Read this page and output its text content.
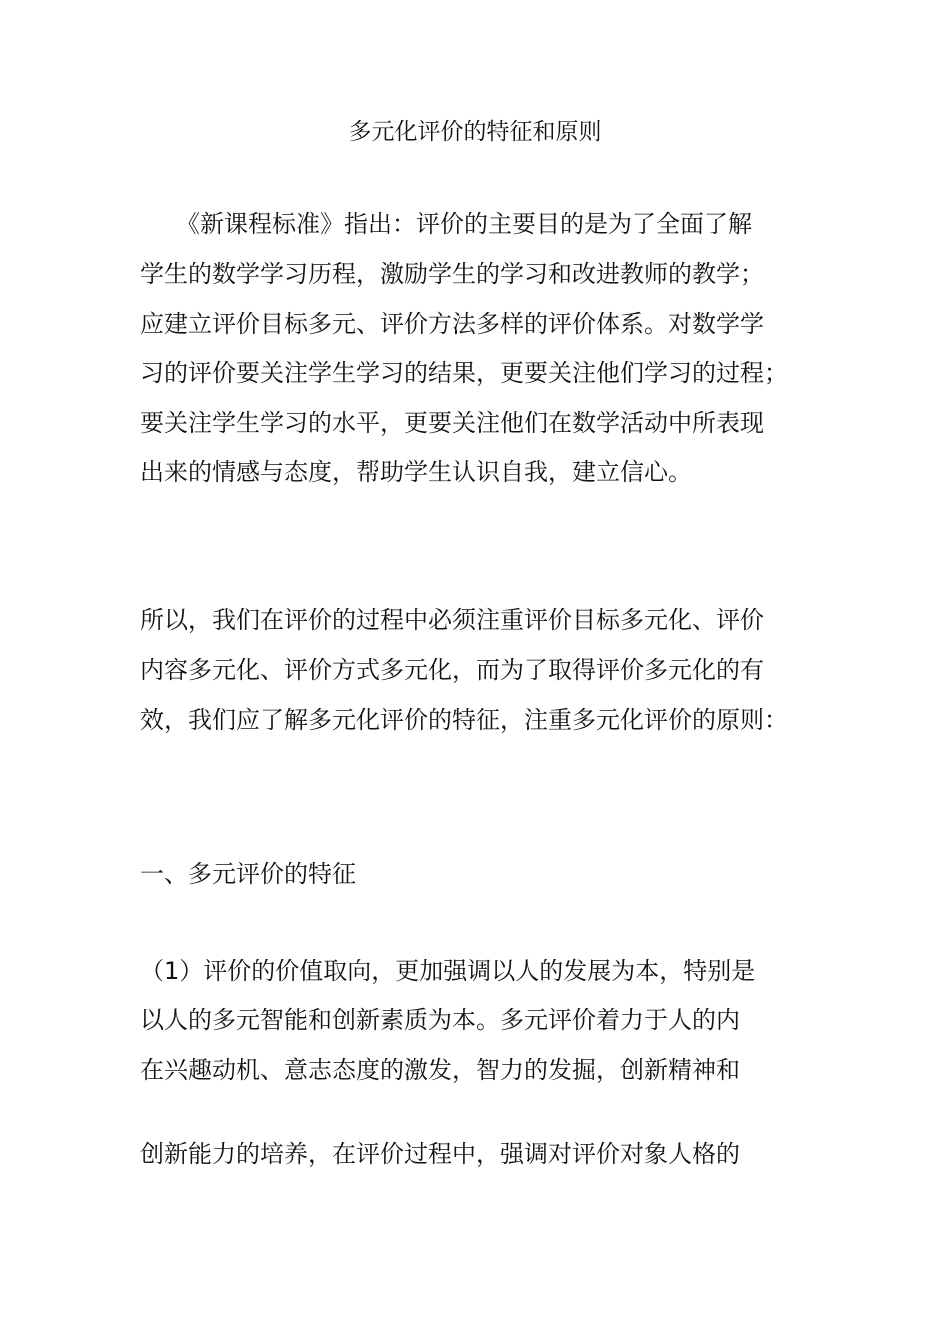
多元化评价的特征和原则
　　《新课程标准》指出：评价的主要目的是为了全面了解
学生的数学学习历程，激励学生的学习和改进教师的教学；
应建立评价目标多元、评价方法多样的评价体系。对数学学
习的评价要关注学生学习的结果，更要关注他们学习的过程；
要关注学生学习的水平，更要关注他们在数学活动中所表现
出来的情感与态度，帮助学生认识自我，建立信心。
所以，我们在评价的过程中必须注重评价目标多元化、评价
内容多元化、评价方式多元化，而为了取得评价多元化的有
效，我们应了解多元化评价的特征，注重多元化评价的原则：
一、多元评价的特征
（1）评价的价值取向，更加强调以人的发展为本，特别是
以人的多元智能和创新素质为本。多元评价着力于人的内
在兴趣动机、意志态度的激发，智力的发掘，创新精神和
创新能力的培养，在评价过程中，强调对评价对象人格的
